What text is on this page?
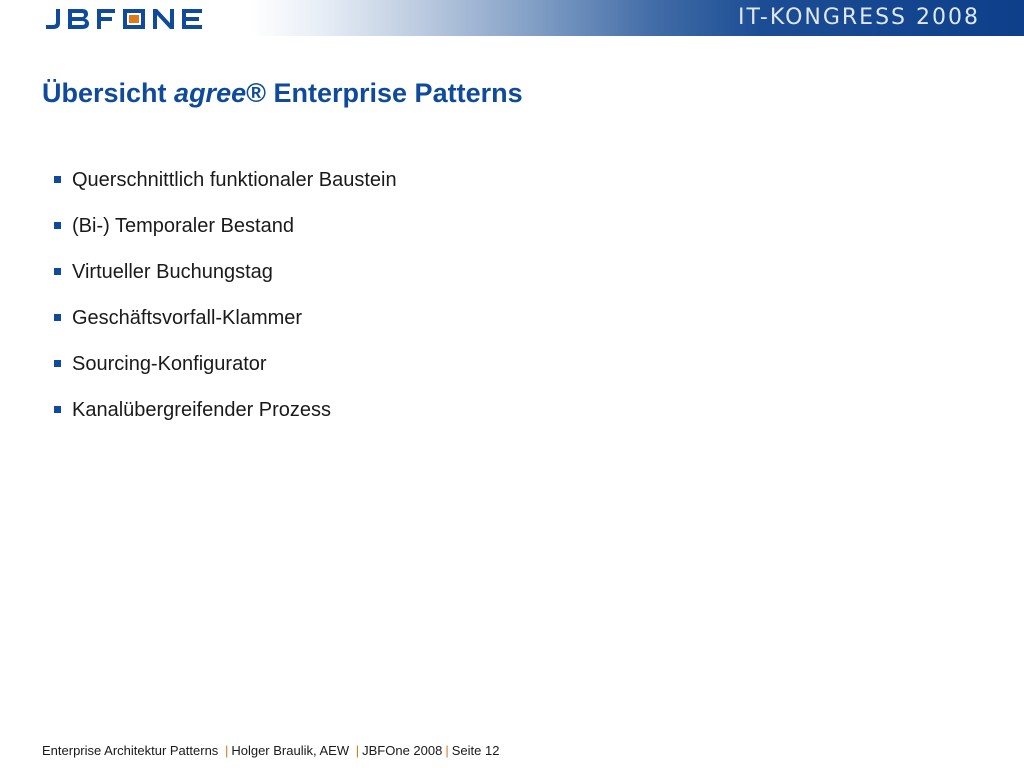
IT-KONGRESS 2008
Übersicht agree® Enterprise Patterns
Querschnittlich funktionaler Baustein
(Bi-) Temporaler Bestand
Virtueller Buchungstag
Geschäftsvorfall-Klammer
Sourcing-Konfigurator
Kanalübergreifender Prozess
Enterprise Architektur Patterns | Holger Braulik, AEW | JBFOne 2008 | Seite 12
